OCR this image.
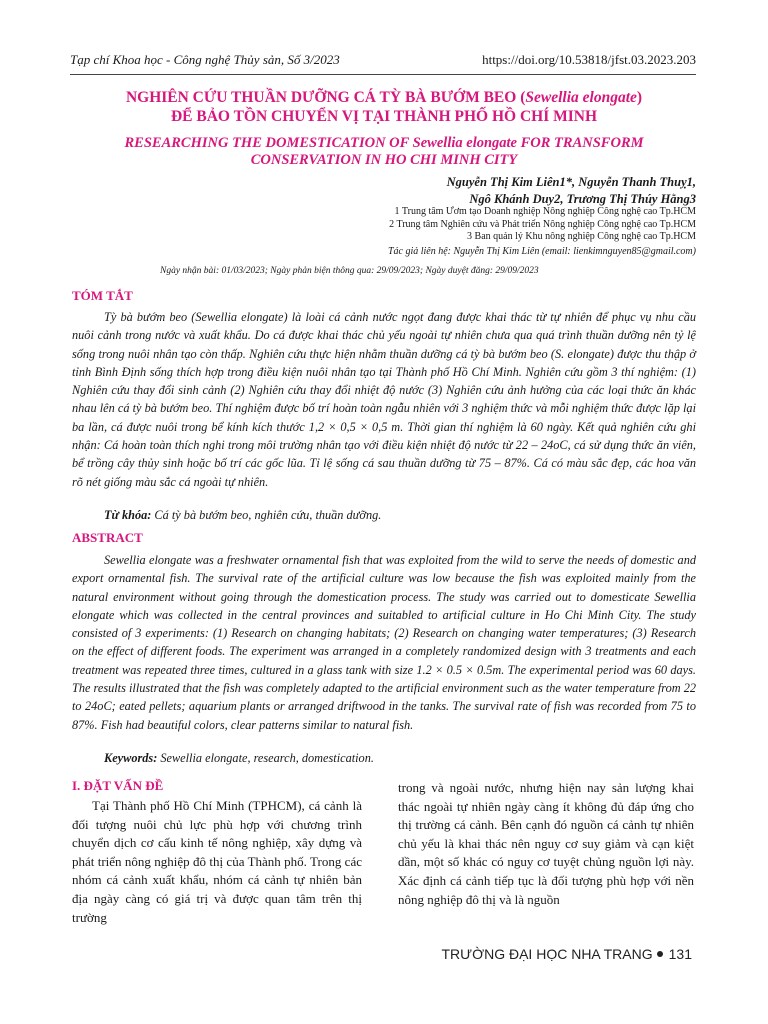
Tạp chí Khoa học - Công nghệ Thủy sản, Số 3/2023	https://doi.org/10.53818/jfst.03.2023.203
NGHIÊN CỨU THUẦN DƯỠNG CÁ TỲ BÀ BƯỚM BEO (Sewellia elongate)
ĐỂ BẢO TỒN CHUYỂN VỊ TẠI THÀNH PHỐ HỒ CHÍ MINH
RESEARCHING THE DOMESTICATION OF Sewellia elongate FOR TRANSFORM
CONSERVATION IN HO CHI MINH CITY
Nguyễn Thị Kim Liên1*, Nguyễn Thanh Thuỵ1,
Ngô Khánh Duy2, Trương Thị Thúy Hằng3
1 Trung tâm Ươm tạo Doanh nghiệp Nông nghiệp Công nghệ cao Tp.HCM
2 Trung tâm Nghiên cứu và Phát triển Nông nghiệp Công nghệ cao Tp.HCM
3 Ban quản lý Khu nông nghiệp Công nghệ cao Tp.HCM
Tác giả liên hệ: Nguyễn Thị Kim Liên (email: lienkimnguyen85@gmail.com)
Ngày nhận bài: 01/03/2023; Ngày phản biện thông qua: 29/09/2023; Ngày duyệt đăng: 29/09/2023
TÓM TẮT
Tỳ bà bướm beo (Sewellia elongate) là loài cá cảnh nước ngọt đang được khai thác từ tự nhiên để phục vụ nhu cầu nuôi cảnh trong nước và xuất khẩu. Do cá được khai thác chủ yếu ngoài tự nhiên chưa qua quá trình thuần dưỡng nên tỷ lệ sống trong nuôi nhân tạo còn thấp. Nghiên cứu thực hiện nhằm thuần dưỡng cá tỳ bà bướm beo (S. elongate) được thu thập ở tỉnh Bình Định sống thích hợp trong điều kiện nuôi nhân tạo tại Thành phố Hồ Chí Minh. Nghiên cứu gồm 3 thí nghiệm: (1) Nghiên cứu thay đổi sinh cảnh (2) Nghiên cứu thay đổi nhiệt độ nước (3) Nghiên cứu ảnh hưởng của các loại thức ăn khác nhau lên cá tỳ bà bướm beo. Thí nghiệm được bố trí hoàn toàn ngẫu nhiên với 3 nghiệm thức và mỗi nghiệm thức được lặp lại ba lần, cá được nuôi trong bể kính kích thước 1,2 × 0,5 × 0,5 m. Thời gian thí nghiệm là 60 ngày. Kết quả nghiên cứu ghi nhận: Cá hoàn toàn thích nghi trong môi trường nhân tạo với điều kiện nhiệt độ nước từ 22 – 24oC, cá sử dụng thức ăn viên, bể trồng cây thủy sinh hoặc bố trí các gốc lũa. Tỉ lệ sống cá sau thuần dưỡng từ 75 – 87%. Cá có màu sắc đẹp, các hoa văn rõ nét giống màu sắc cá ngoài tự nhiên.
Từ khóa: Cá tỳ bà bướm beo, nghiên cứu, thuần dưỡng.
ABSTRACT
Sewellia elongate was a freshwater ornamental fish that was exploited from the wild to serve the needs of domestic and export ornamental fish. The survival rate of the artificial culture was low because the fish was exploited mainly from the natural environment without going through the domestication process. The study was carried out to domesticate Sewellia elongate which was collected in the central provinces and suitabled to artificial culture in Ho Chi Minh City. The study consisted of 3 experiments: (1) Research on changing habitats; (2) Research on changing water temperatures; (3) Research on the effect of different foods. The experiment was arranged in a completely randomized design with 3 treatments and each treatment was repeated three times, cultured in a glass tank with size 1.2 × 0.5 × 0.5m. The experimental period was 60 days. The results illustrated that the fish was completely adapted to the artificial environment such as the water temperature from 22 to 24oC; eated pellets; aquarium plants or arranged driftwood in the tanks. The survival rate of fish was recorded from 75 to 87%. Fish had beautiful colors, clear patterns similar to natural fish.
Keywords: Sewellia elongate, research, domestication.
I. ĐẶT VẤN ĐỀ
Tại Thành phố Hồ Chí Minh (TPHCM), cá cảnh là đối tượng nuôi chủ lực phù hợp với chương trình chuyển dịch cơ cấu kinh tế nông nghiệp, xây dựng và phát triển nông nghiệp đô thị của Thành phố. Trong các nhóm cá cảnh xuất khẩu, nhóm cá cảnh tự nhiên bản địa ngày càng có giá trị và được quan tâm trên thị trường
trong và ngoài nước, nhưng hiện nay sản lượng khai thác ngoài tự nhiên ngày càng ít không đủ đáp ứng cho thị trường cá cảnh. Bên cạnh đó nguồn cá cảnh tự nhiên chủ yếu là khai thác nên nguy cơ suy giảm và cạn kiệt dần, một số khác có nguy cơ tuyệt chủng nguồn lợi này. Xác định cá cảnh tiếp tục là đối tượng phù hợp với nền nông nghiệp đô thị và là nguồn
TRƯỜNG ĐẠI HỌC NHA TRANG 131
